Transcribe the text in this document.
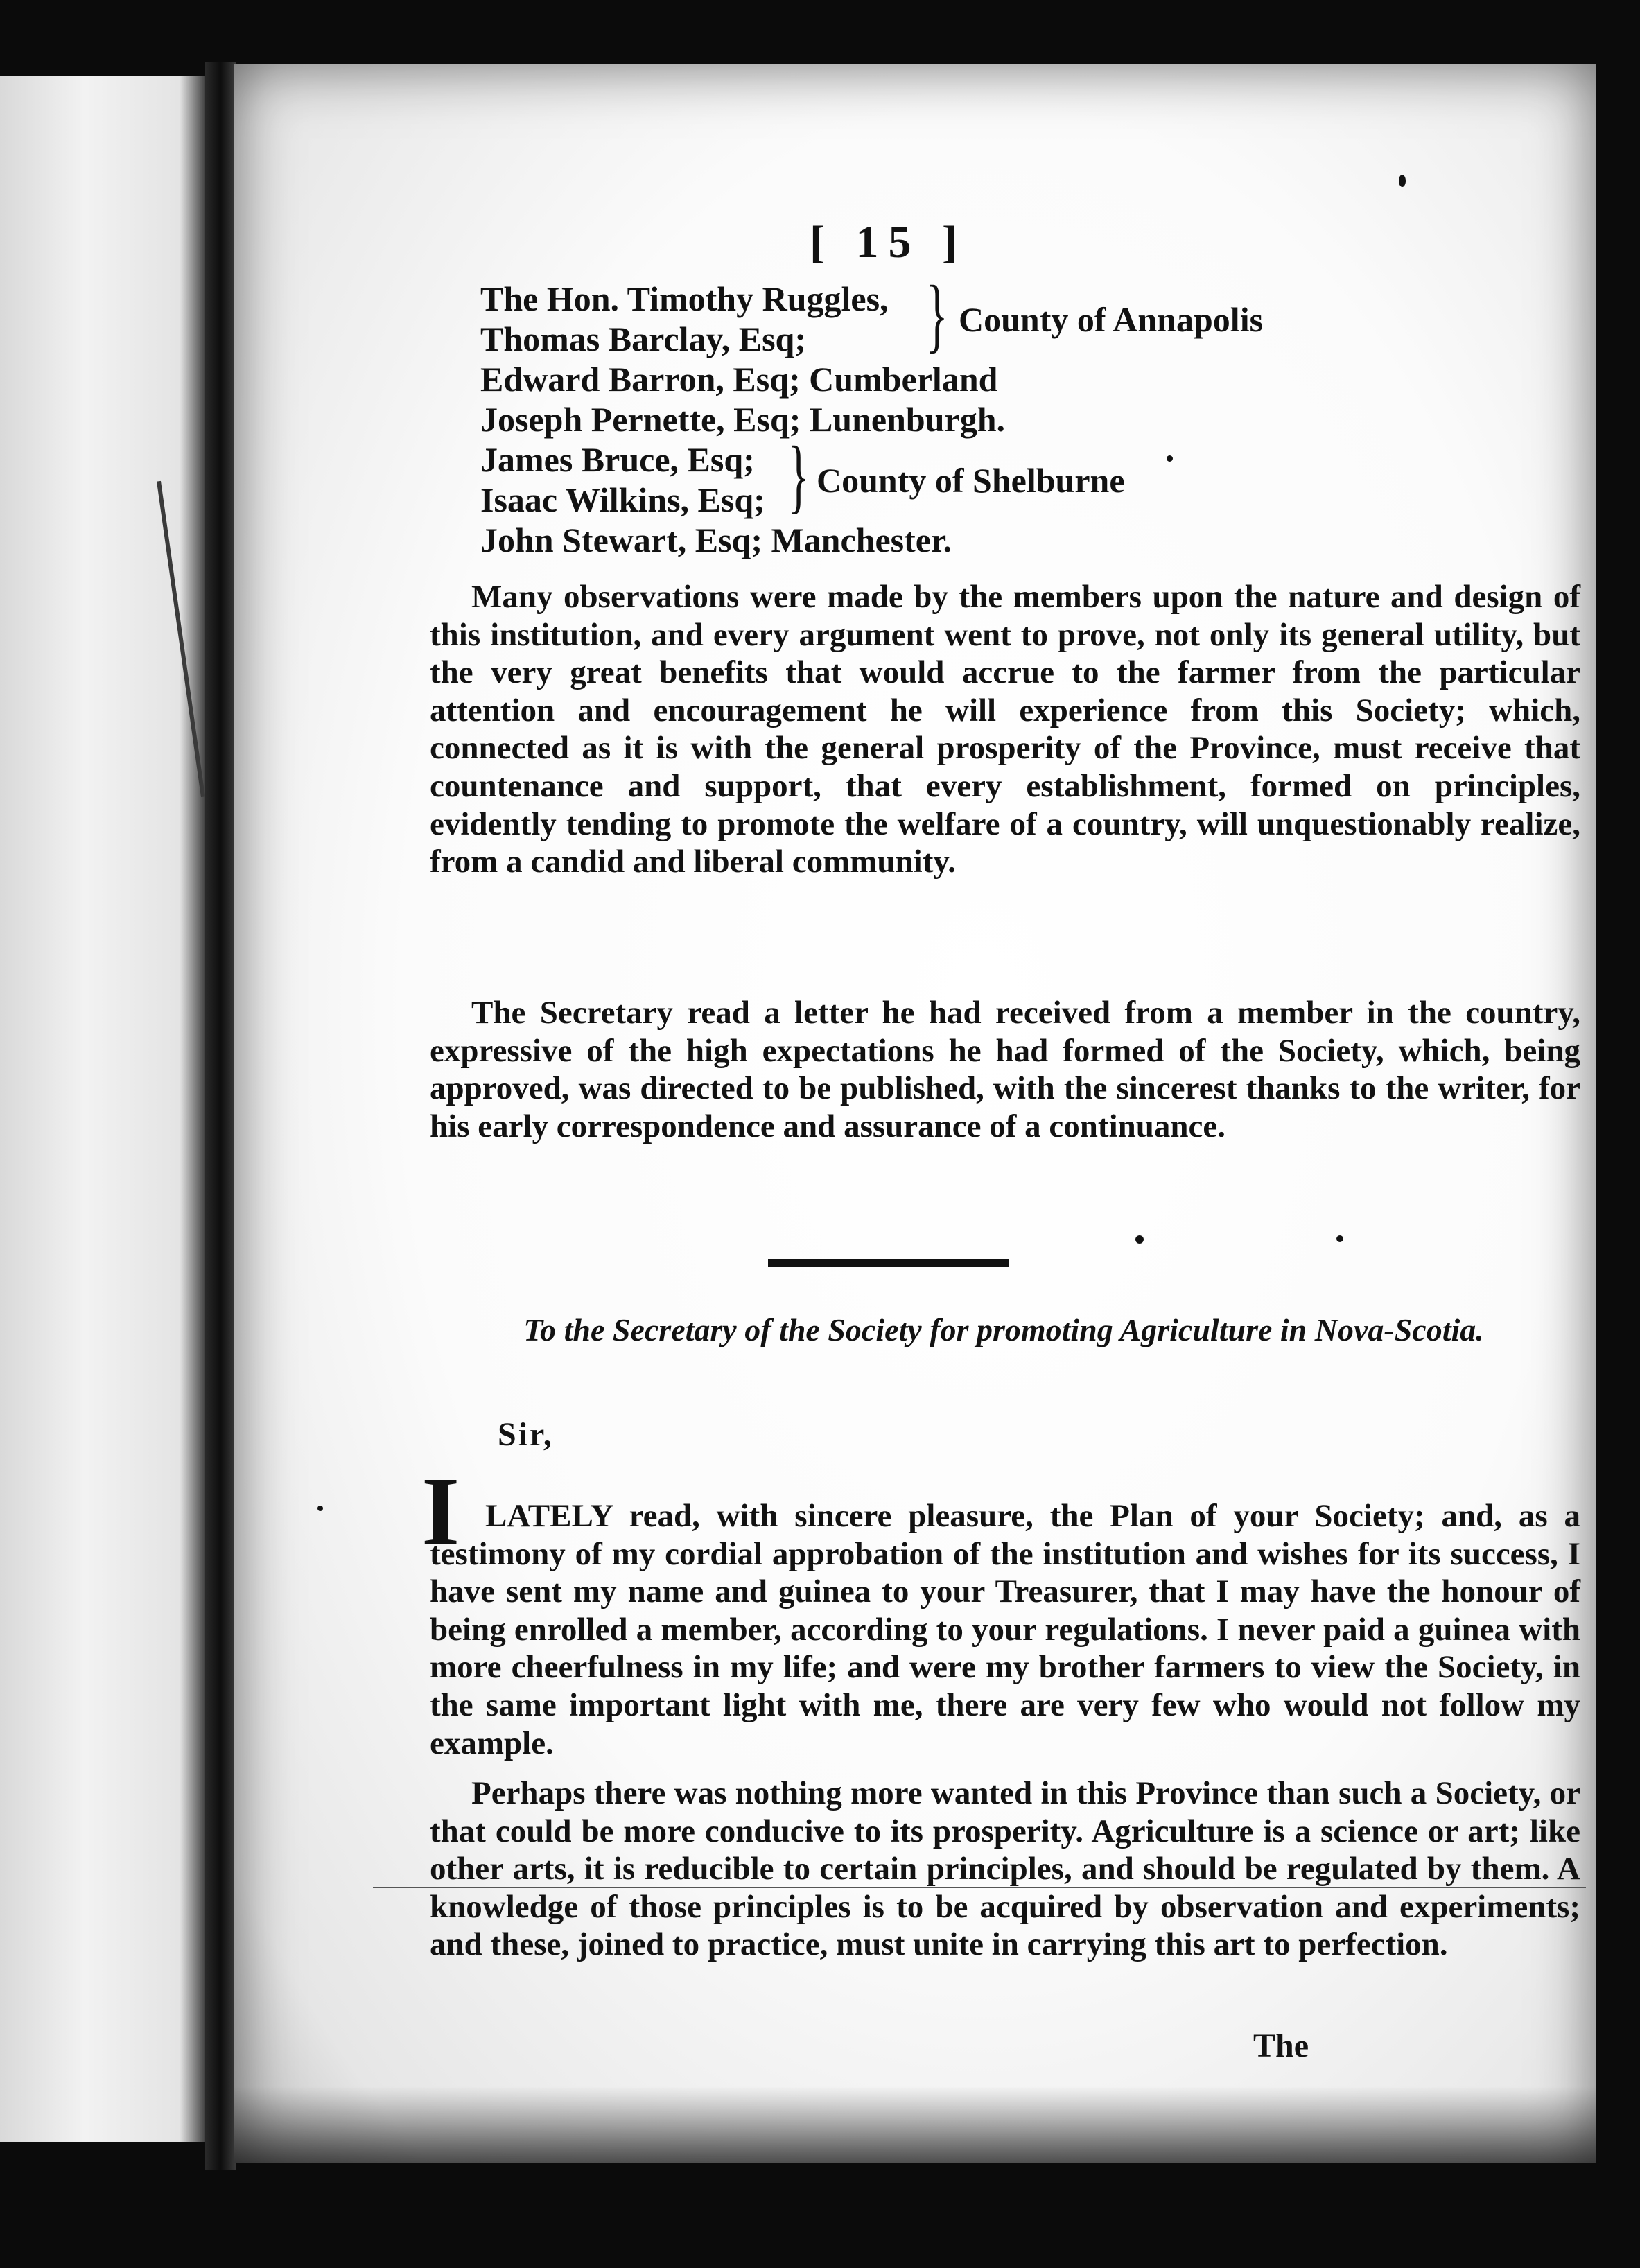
[ 15 ]
The Hon. Timothy Ruggles,
Thomas Barclay, Esq;
Edward Barron, Esq; Cumberland
Joseph Pernette, Esq; Lunenburgh.
James Bruce, Esq;
Isaac Wilkins, Esq;
John Stewart, Esq; Manchester.
} County of Annapolis
} County of Shelburne
Many observations were made by the members upon the nature and design of this institution, and every argument went to prove, not only its general utility, but the very great benefits that would accrue to the farmer from the particular attention and encouragement he will experience from this Society; which, connected as it is with the general prosperity of the Province, must receive that countenance and support, that every establishment, formed on principles, evidently tending to promote the welfare of a country, will unquestionably realize, from a candid and liberal community.
The Secretary read a letter he had received from a member in the country, expressive of the high expectations he had formed of the Society, which, being approved, was directed to be published, with the sincerest thanks to the writer, for his early correspondence and assurance of a continuance.
To the Secretary of the Society for promoting Agriculture in Nova-Scotia.
Sir,
I LATELY read, with sincere pleasure, the Plan of your Society; and, as a testimony of my cordial approbation of the institution and wishes for its success, I have sent my name and guinea to your Treasurer, that I may have the honour of being enrolled a member, according to your regulations. I never paid a guinea with more cheerfulness in my life; and were my brother farmers to view the Society, in the same important light with me, there are very few who would not follow my example.
Perhaps there was nothing more wanted in this Province than such a Society, or that could be more conducive to its prosperity. Agriculture is a science or art; like other arts, it is reducible to certain principles, and should be regulated by them. A knowledge of those principles is to be acquired by observation and experiments; and these, joined to practice, must unite in carrying this art to perfection.
The
